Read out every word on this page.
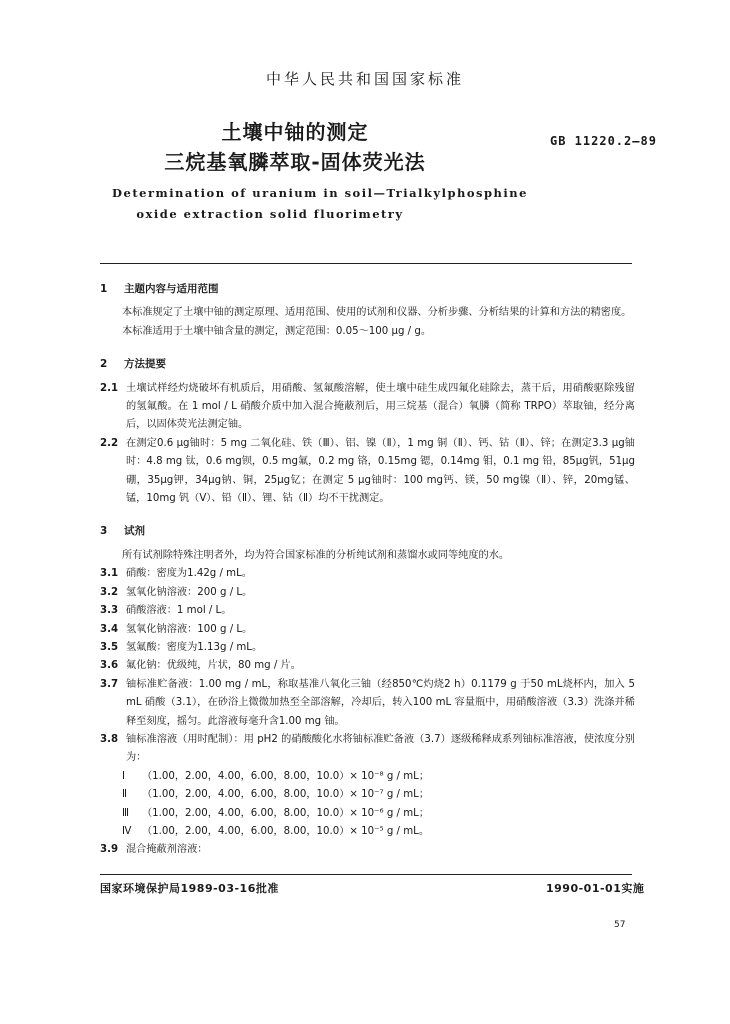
中华人民共和国国家标准
土壤中铀的测定
三烷基氧膦萃取-固体荧光法
GB 11220.2—89
Determination of uranium in soil—Trialkylphosphine
oxide extraction solid fluorimetry
1 主题内容与适用范围
本标准规定了土壤中铀的测定原理、适用范围、使用的试剂和仪器、分析步骤、分析结果的计算和方法的精密度。
本标准适用于土壤中铀含量的测定，测定范围：0.05～100 μg / g。
2 方法提要
2.1 土壤试样经灼烧破坏有机质后，用硝酸、氢氟酸溶解，使土壤中硅生成四氟化硅除去，蒸干后，用硝酸驱除残留的氢氟酸。在 1 mol / L 硝酸介质中加入混合掩蔽剂后，用三烷基（混合）氧膦（简称 TRPO）萃取铀，经分离后，以固体荧光法测定铀。
2.2 在测定0.6 μg铀时：5 mg 二氧化硅、铁（Ⅲ）、铝、镍（Ⅱ），1 mg 铜（Ⅱ）、钙、钴（Ⅱ）、锌；在测定3.3 μg铀时：4.8 mg 钛，0.6 mg钡，0.5 mg氟，0.2 mg 铬，0.15mg 锶，0.14mg 钼，0.1 mg 铅，85μg钒，51μg硼，35μg钾，34μg钠、铜，25μg钇；在测定 5 μg铀时：100 mg钙、镁，50 mg镍（Ⅱ）、锌，20mg锰、锰，10mg 钒（Ⅴ）、铅（Ⅱ）、锂、钴（Ⅱ）均不干扰测定。
3 试剂
所有试剂除特殊注明者外，均为符合国家标准的分析纯试剂和蒸馏水或同等纯度的水。
3.1 硝酸：密度为1.42g / mL。
3.2 氢氧化钠溶液：200 g / L。
3.3 硝酸溶液：1 mol / L。
3.4 氢氧化钠溶液：100 g / L。
3.5 氢氟酸：密度为1.13g / mL。
3.6 氟化钠：优级纯，片状，80 mg / 片。
3.7 铀标准贮备液：1.00 mg / mL，称取基准八氧化三铀（经850℃灼烧2 h）0.1179 g 于50 mL烧杯内，加入 5 mL 硝酸（3.1），在砂浴上微微加热至全部溶解，冷却后，转入100 mL 容量瓶中，用硝酸溶液（3.3）洗涤并稀释至刻度，摇匀。此溶液每毫升含1.00 mg 铀。
3.8 铀标准溶液（用时配制）：用 pH2 的硝酸酸化水将铀标准贮备液（3.7）逐级稀释成系列铀标准溶液，使浓度分别为：
Ⅰ （1.00，2.00，4.00，6.00，8.00，10.0）× 10⁻⁸ g / mL；
Ⅱ （1.00，2.00，4.00，6.00，8.00，10.0）× 10⁻⁷ g / mL；
Ⅲ （1.00，2.00，4.00，6.00，8.00，10.0）× 10⁻⁶ g / mL；
Ⅳ （1.00，2.00，4.00，6.00，8.00，10.0）× 10⁻⁵ g / mL。
3.9 混合掩蔽剂溶液：
国家环境保护局1989-03-16批准	1990-01-01实施
57
